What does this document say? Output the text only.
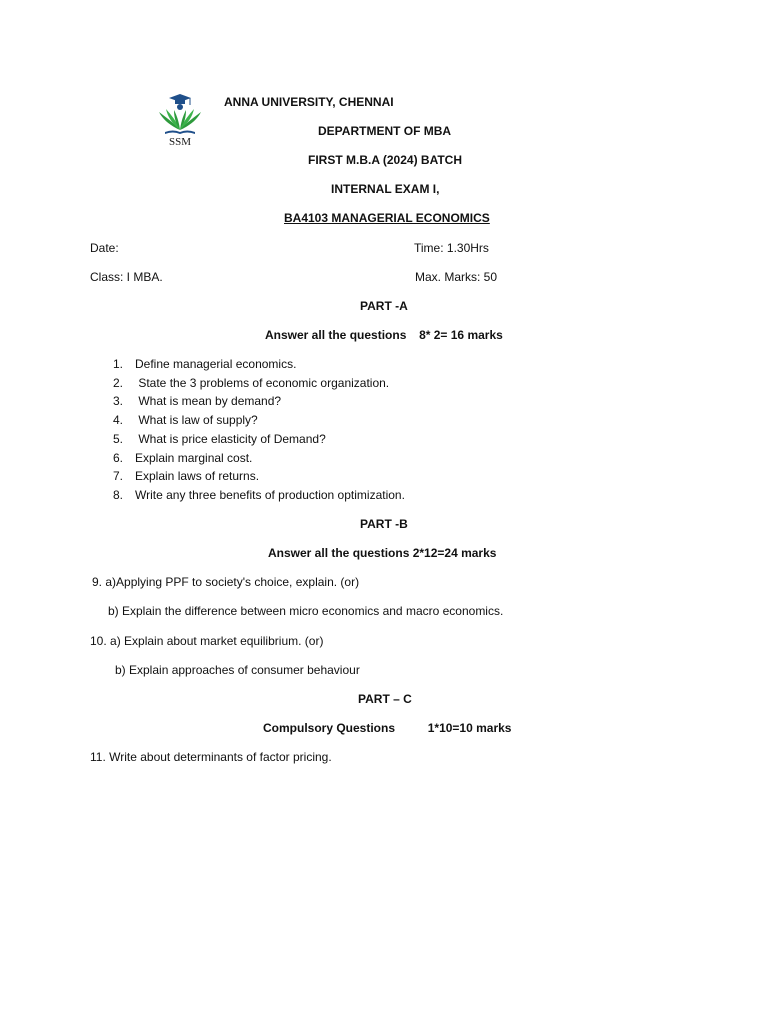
SSM
ANNA UNIVERSITY, CHENNAI
DEPARTMENT OF MBA
FIRST M.B.A (2024) BATCH
INTERNAL EXAM I,
BA4103 MANAGERIAL ECONOMICS
Date:	Time: 1.30Hrs
Class: I MBA.	Max. Marks: 50
PART -A
Answer all the questions 8* 2= 16 marks
1. Define managerial economics.
2. State the 3 problems of economic organization.
3. What is mean by demand?
4. What is law of supply?
5. What is price elasticity of Demand?
6. Explain marginal cost.
7. Explain laws of returns.
8. Write any three benefits of production optimization.
PART -B
Answer all the questions 2*12=24 marks
9. a)Applying PPF to society's choice, explain. (or)
b) Explain the difference between micro economics and macro economics.
10. a) Explain about market equilibrium. (or)
b) Explain approaches of consumer behaviour
PART – C
Compulsory Questions	1*10=10 marks
11. Write about determinants of factor pricing.
